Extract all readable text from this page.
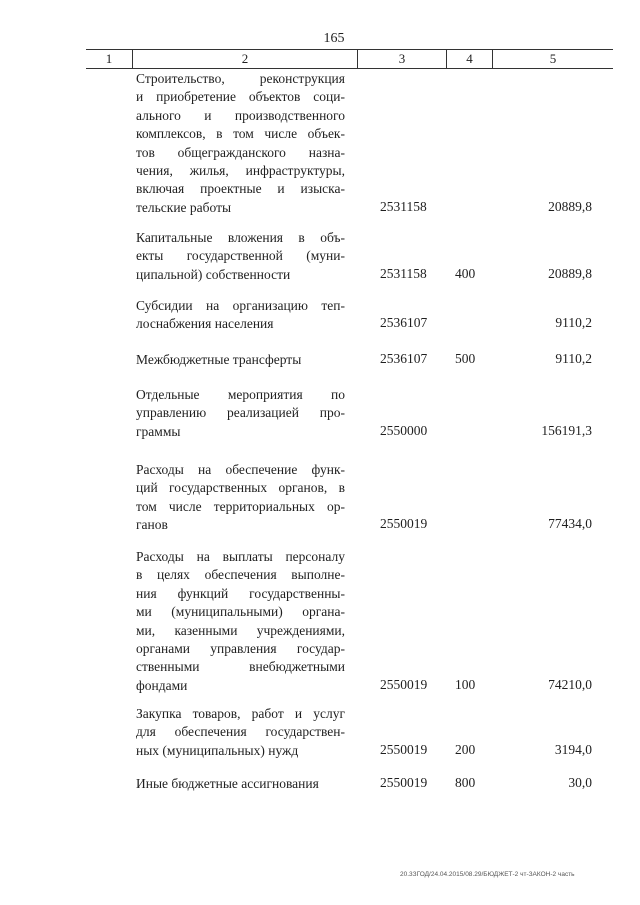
165
1	2	3	4	5
Строительство, реконструкция
и приобретение объектов соци-
ального и производственного
комплексов, в том числе объек-
тов общегражданского назна-
чения, жилья, инфраструктуры,
включая проектные и изыска-
тельские работы	2531158	20889,8
Капитальные вложения в объ-
екты государственной (муни-
ципальной) собственности	2531158 400	20889,8
Субсидии на организацию теп-
лоснабжения населения	2536107	9110,2
Межбюджетные трансферты	2536107 500	9110,2
Отдельные мероприятия по
управлению реализацией про-
граммы	2550000	156191,3
Расходы на обеспечение функ-
ций государственных органов, в
том числе территориальных ор-
ганов	2550019	77434,0
Расходы на выплаты персоналу
в целях обеспечения выполне-
ния функций государственны-
ми (муниципальными) органа-
ми, казенными учреждениями,
органами управления государ-
ственными внебюджетными
фондами	2550019 100	74210,0
Закупка товаров, работ и услуг
для обеспечения государствен-
ных (муниципальных) нужд	2550019 200	3194,0
Иные бюджетные ассигнования	2550019 800	30,0
20.3ЗГОД/24.04.2015/08.29/БЮДЖЕТ-2 чт-ЗАКОН-2 часть
